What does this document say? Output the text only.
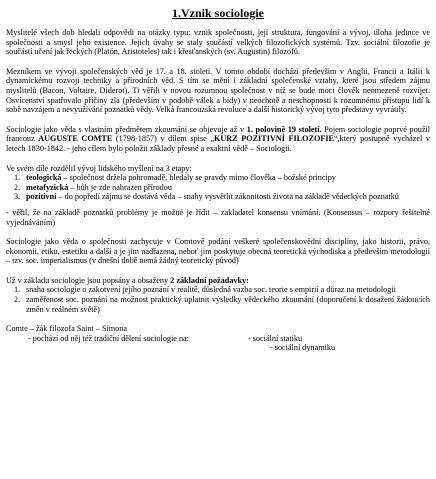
1.Vznik sociologie

Myslitelé všech dob hledali odpovědi na otázky typu: vznik společnosti, její struktura, fungování a vývoj, úloha jedince ve společnosti a smysl jeho existence. Jejich úvahy se staly součástí velkých filozofických systémů. Tzv. sociální filozofie je součástí učení jak řeckých (Platón, Aristoteles) tak i křesťanských (sv. Augustin) filozofů.

Mezníkem ve vývoji společenských věd je 17. a 18. století. V tomto období dochází především v Anglii, Francii a Itálii k dynamickému rozvoji techniky a přírodních věd. S tím se mění i základní společenské vztahy, které jsou středem zájmu myslitelů (Bacon, Voltaire, Diderot). Ti věřili v novou rozumnou společnost v níž se bude moci člověk neomezeně rozvíjet. Osvícenství spatřovalo příčiny zla (především v podobě válek a bídy) v neochotě a neschopnosti k rozumnému přístupu lidí k sobě navzájem a nevyužívání poznatků vědy. Velká francouzská revoluce a další historický vývoj tyto představy vyvrátily.

Sociologie jako věda s vlastním předmětem zkoumání se objevuje až v 1. polovině 19 století. Pojem sociologie poprvé použil francouz AUGUSTE COMTE (1798-1857) v dílem spise „KURZ POZITIVNÍ FILOZOFIE“,který postupně vycházel v letech 1830-1842. - jeho cílem bylo položit základy přesné a exaktní vědě – Sociologii.

Ve svém díle rozdělil vývoj lidského myšlení na 3 etapy:

1. teologická – společnost držela pohromadě, hledaly se pravdy mimo člověka – božské principy
2. metafyzická – bůh je zde nahrazen přírodou
3. pozitivní – do popředí zájmu se dostává věda – snahy vysvětlit zákonitosti života na základě vědeckých poznatků

- věřil, že na základě poznatků problémy je možné je řídit – zakladatel konsensu vnímání. (Konsensus – rozpory řešitelné vyjednáváním)

Sociologie jako věda o společnosti zachycuje v Comtově podání veškeré společenskovědní disciplíny, jako historii, právo, ekonomii, etiku, estetiku a další a je jim nadřazena, neboť jim poskytuje obecná teoretická východiska a především metodologii – tzv. soc. imperialismus (v dnešní době nemá žádný teoretický původ)

Už v základu sociologie jsou popsány a obsaženy 2 základní požadavky:

1. snaha sociologie o zakotvení jejího poznání v realitě, důsledná vazba soc. teorie s empirií a důraz na metodologii
2. zaměřenost soc. poznání na možnost praktický uplatnit výsledky vědeckého zkoumání (doporučení k dosažení žádoucích změn v reálném světě)

Comte – žák filozofa Saint – Simona

- pochází od něj též tradiční dělení sociologie na:	- sociální statiku
- sociální dynamiku
